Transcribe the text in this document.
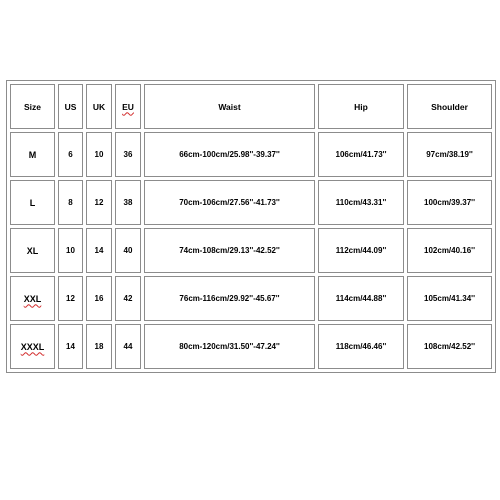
Size	US	UK	EU	Waist	Hip	Shoulder
M	6	10	36	66cm-100cm/25.98''-39.37''	106cm/41.73''	97cm/38.19''
L	8	12	38	70cm-106cm/27.56''-41.73''	110cm/43.31''	100cm/39.37''
XL	10	14	40	74cm-108cm/29.13''-42.52''	112cm/44.09''	102cm/40.16''
XXL	12	16	42	76cm-116cm/29.92''-45.67''	114cm/44.88''	105cm/41.34''
XXXL	14	18	44	80cm-120cm/31.50''-47.24''	118cm/46.46''	108cm/42.52''
